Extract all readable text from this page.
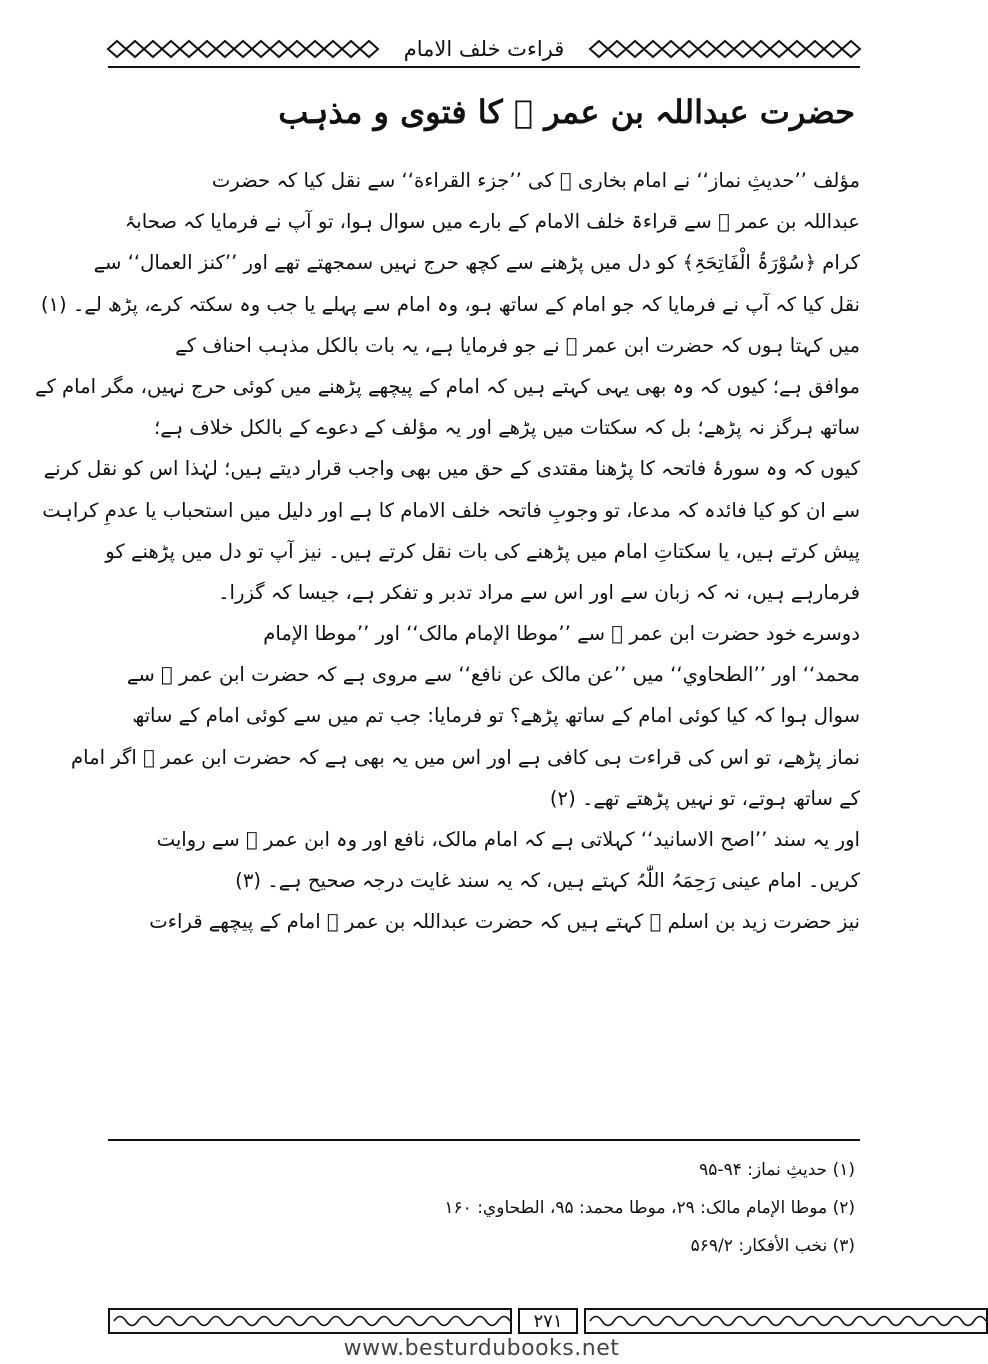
قراءت خلف الامام
حضرت عبداللہ بن عمر ﷛ کا فتوی و مذہب
مؤلف ’’حدیثِ نماز‘‘ نے امام بخاری ﷬ کی ’’جزء القراءة‘‘ سے نقل کیا کہ حضرت
عبداللہ بن عمر ﷛ سے قراءۃ خلف الامام کے بارے میں سوال ہوا، تو آپ نے فرمایا کہ صحابۂ
کرام ﴿سُوْرَۃُ الْفَاتِحَۃِ﴾ کو دل میں پڑھنے سے کچھ حرج نہیں سمجھتے تھے اور ’’کنز العمال‘‘ سے
نقل کیا کہ آپ نے فرمایا کہ جو امام کے ساتھ ہو، وہ امام سے پہلے یا جب وہ سکتہ کرے، پڑھ لے۔ (۱)
میں کہتا ہوں کہ حضرت ابن عمر ﷛ نے جو فرمایا ہے، یہ بات بالکل مذہب احناف کے
موافق ہے؛ کیوں کہ وہ بھی یہی کہتے ہیں کہ امام کے پیچھے پڑھنے میں کوئی حرج نہیں، مگر امام کے
ساتھ ہرگز نہ پڑھے؛ بل کہ سکتات میں پڑھے اور یہ مؤلف کے دعوے کے بالکل خلاف ہے؛
کیوں کہ وہ سورۂ فاتحہ کا پڑھنا مقتدی کے حق میں بھی واجب قرار دیتے ہیں؛ لہٰذا اس کو نقل کرنے
سے ان کو کیا فائدہ کہ مدعا، تو وجوبِ فاتحہ خلف الامام کا ہے اور دلیل میں استحباب یا عدمِ کراہت
پیش کرتے ہیں، یا سکتاتِ امام میں پڑھنے کی بات نقل کرتے ہیں۔ نیز آپ تو دل میں پڑھنے کو
فرمارہے ہیں، نہ کہ زبان سے اور اس سے مراد تدبر و تفکر ہے، جیسا کہ گزرا۔
دوسرے خود حضرت ابن عمر ﷛ سے ’’موطا الإمام مالک‘‘ اور ’’موطا الإمام
محمد‘‘ اور ’’الطحاوي‘‘ میں ’’عن مالک عن نافع‘‘ سے مروی ہے کہ حضرت ابن عمر ﷛ سے
سوال ہوا کہ کیا کوئی امام کے ساتھ پڑھے؟ تو فرمایا: جب تم میں سے کوئی امام کے ساتھ
نماز پڑھے، تو اس کی قراءت ہی کافی ہے اور اس میں یہ بھی ہے کہ حضرت ابن عمر ﷛ اگر امام
کے ساتھ ہوتے، تو نہیں پڑھتے تھے۔ (۲)
اور یہ سند ’’اصح الاسانید‘‘ کہلاتی ہے کہ امام مالک، نافع اور وہ ابن عمر ﷠ سے روایت
کریں۔ امام عینی رَحِمَہُ اللّٰہُ کہتے ہیں، کہ یہ سند غایت درجہ صحیح ہے۔ (۳)
نیز حضرت زید بن اسلم ﷬ کہتے ہیں کہ حضرت عبداللہ بن عمر ﷛ امام کے پیچھے قراءت
(۱) حدیثِ نماز: ۹۴-۹۵
(۲) موطا الإمام مالک: ۲۹، موطا محمد: ۹۵، الطحاوي: ۱۶۰
(۳) نخب الأفکار: ۵۶۹/۲
۲۷۱
www.besturdubooks.net
